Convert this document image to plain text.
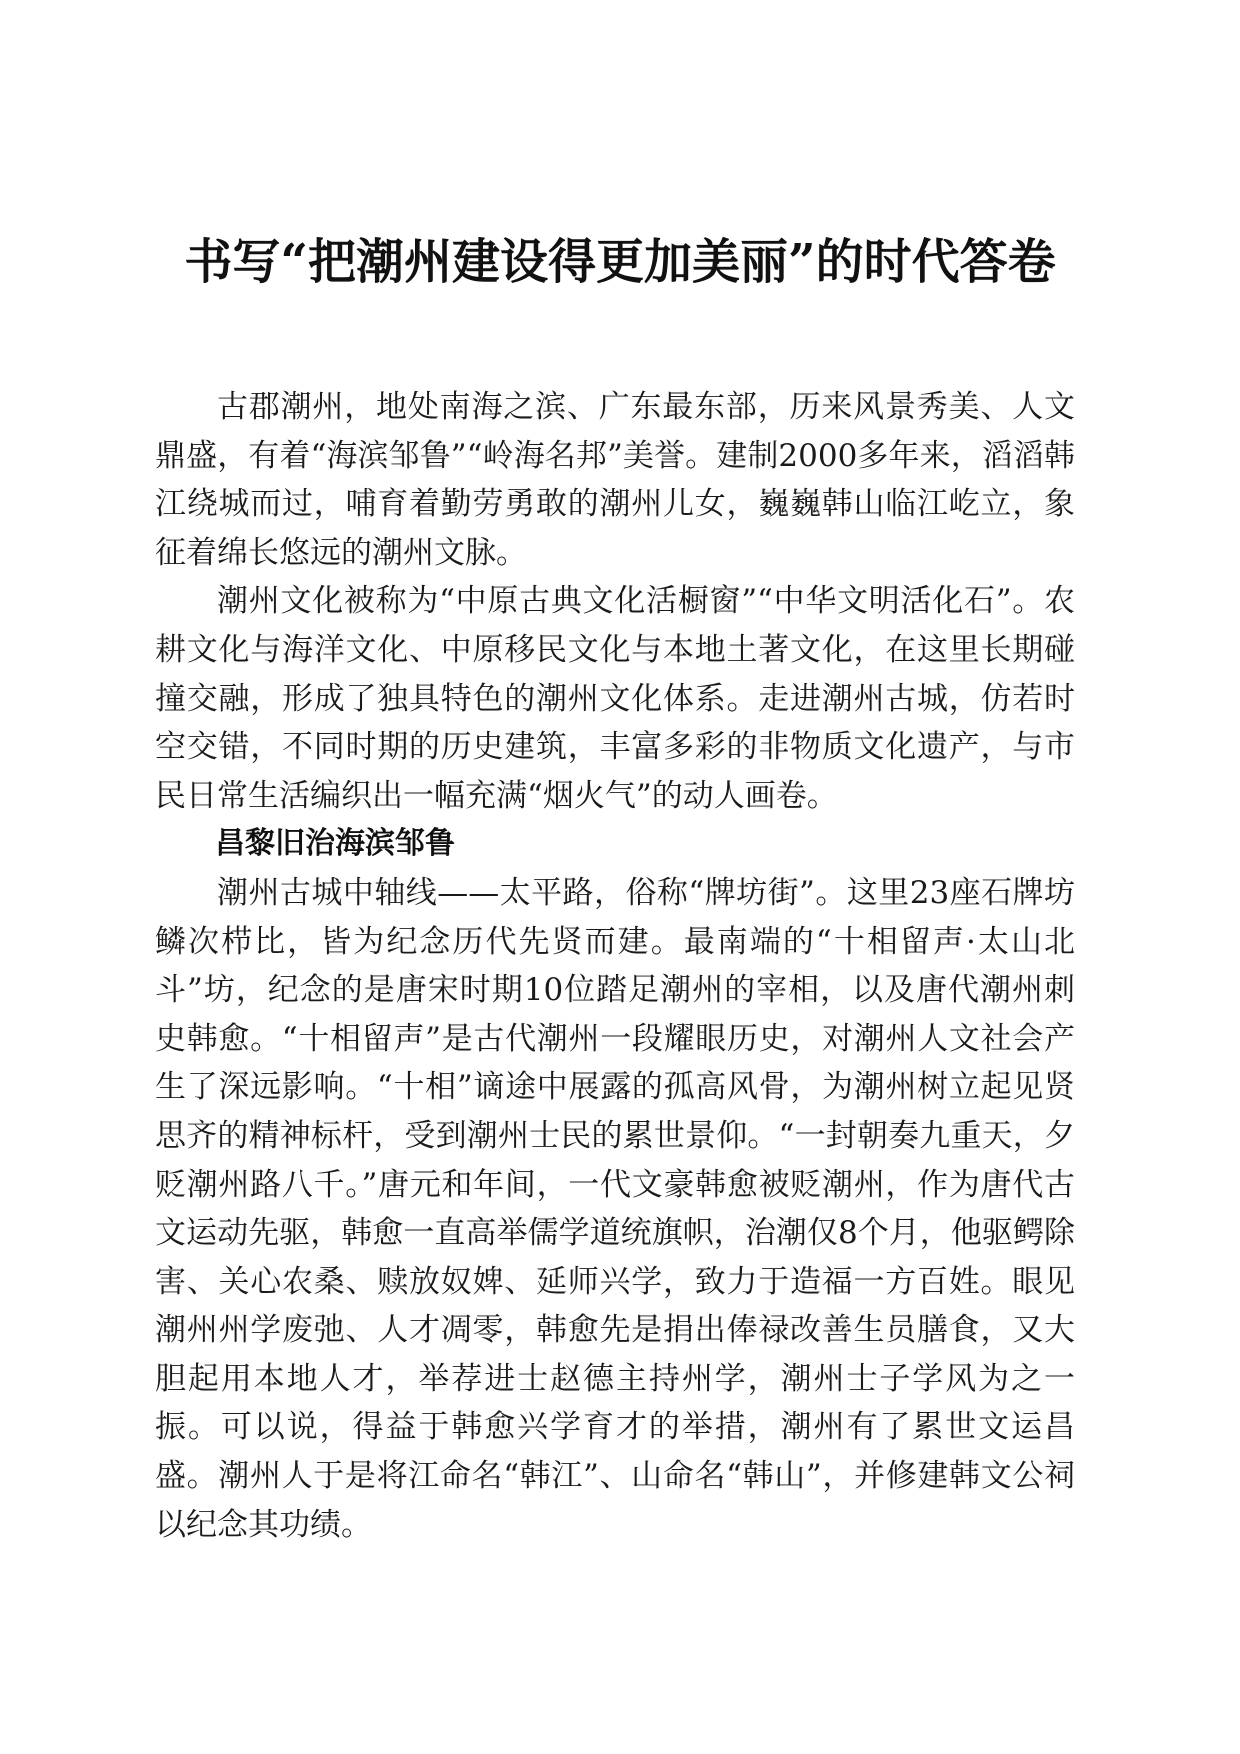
书写“把潮州建设得更加美丽”的时代答卷

古郡潮州，地处南海之滨、广东最东部，历来风景秀美、人文鼎盛，有着“海滨邹鲁”“岭海名邦”美誉。建制2000多年来，滔滔韩江绕城而过，哺育着勤劳勇敢的潮州儿女，巍巍韩山临江屹立，象征着绵长悠远的潮州文脉。

潮州文化被称为“中原古典文化活橱窗”“中华文明活化石”。农耕文化与海洋文化、中原移民文化与本地土著文化，在这里长期碰撞交融，形成了独具特色的潮州文化体系。走进潮州古城，仿若时空交错，不同时期的历史建筑，丰富多彩的非物质文化遗产，与市民日常生活编织出一幅充满“烟火气”的动人画卷。

昌黎旧治海滨邹鲁

潮州古城中轴线——太平路，俗称“牌坊街”。这里23座石牌坊鳞次栉比，皆为纪念历代先贤而建。最南端的“十相留声·太山北斗”坊，纪念的是唐宋时期10位踏足潮州的宰相，以及唐代潮州刺史韩愈。“十相留声”是古代潮州一段耀眼历史，对潮州人文社会产生了深远影响。“十相”谪途中展露的孤高风骨，为潮州树立起见贤思齐的精神标杆，受到潮州士民的累世景仰。“一封朝奏九重天，夕贬潮州路八千。”唐元和年间，一代文豪韩愈被贬潮州，作为唐代古文运动先驱，韩愈一直高举儒学道统旗帜，治潮仅8个月，他驱鳄除害、关心农桑、赎放奴婢、延师兴学，致力于造福一方百姓。眼见潮州州学废弛、人才凋零，韩愈先是捐出俸禄改善生员膳食，又大胆起用本地人才，举荐进士赵德主持州学，潮州士子学风为之一振。可以说，得益于韩愈兴学育才的举措，潮州有了累世文运昌盛。潮州人于是将江命名“韩江”、山命名“韩山”，并修建韩文公祠以纪念其功绩。
